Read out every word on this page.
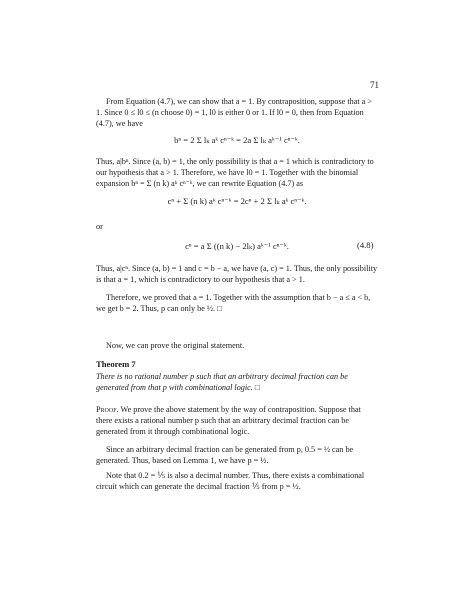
71

From Equation (4.7), we can show that a = 1. By contraposition, suppose that a > 1. Since 0 ≤ l0 ≤ (n choose 0) = 1, l0 is either 0 or 1. If l0 = 0, then from Equation (4.7), we have

bⁿ = 2 Σ lₖ aᵏ cⁿ⁻ᵏ = 2a Σ lₖ aᵏ⁻¹ cⁿ⁻ᵏ.

Thus, a|bⁿ. Since (a, b) = 1, the only possibility is that a = 1 which is contradictory to our hypothesis that a > 1. Therefore, we have l0 = 1. Together with the binomial expansion bⁿ = Σ (n k) aᵏ cⁿ⁻ᵏ, we can rewrite Equation (4.7) as

cⁿ + Σ (n k) aᵏ cⁿ⁻ᵏ = 2cⁿ + 2 Σ lₖ aᵏ cⁿ⁻ᵏ.
or
cⁿ = a Σ ((n k) − 2lₖ) aᵏ⁻¹ cⁿ⁻ᵏ.	(4.8)

Thus, a|cⁿ. Since (a, b) = 1 and c = b − a, we have (a, c) = 1. Thus, the only possibility is that a = 1, which is contradictory to our hypothesis that a > 1.

Therefore, we proved that a = 1. Together with the assumption that b − a ≤ a < b, we get b = 2. Thus, p can only be ½. □

Now, we can prove the original statement.

Theorem 7

There is no rational number p such that an arbitrary decimal fraction can be generated from that p with combinational logic. □

Proof. We prove the above statement by the way of contraposition. Suppose that there exists a rational number p such that an arbitrary decimal fraction can be generated from it through combinational logic.

Since an arbitrary decimal fraction can be generated from p, 0.5 = ½ can be generated. Thus, based on Lemma 1, we have p = ½.

Note that 0.2 = ⅕ is also a decimal number. Thus, there exists a combinational circuit which can generate the decimal fraction ⅕ from p = ½.
